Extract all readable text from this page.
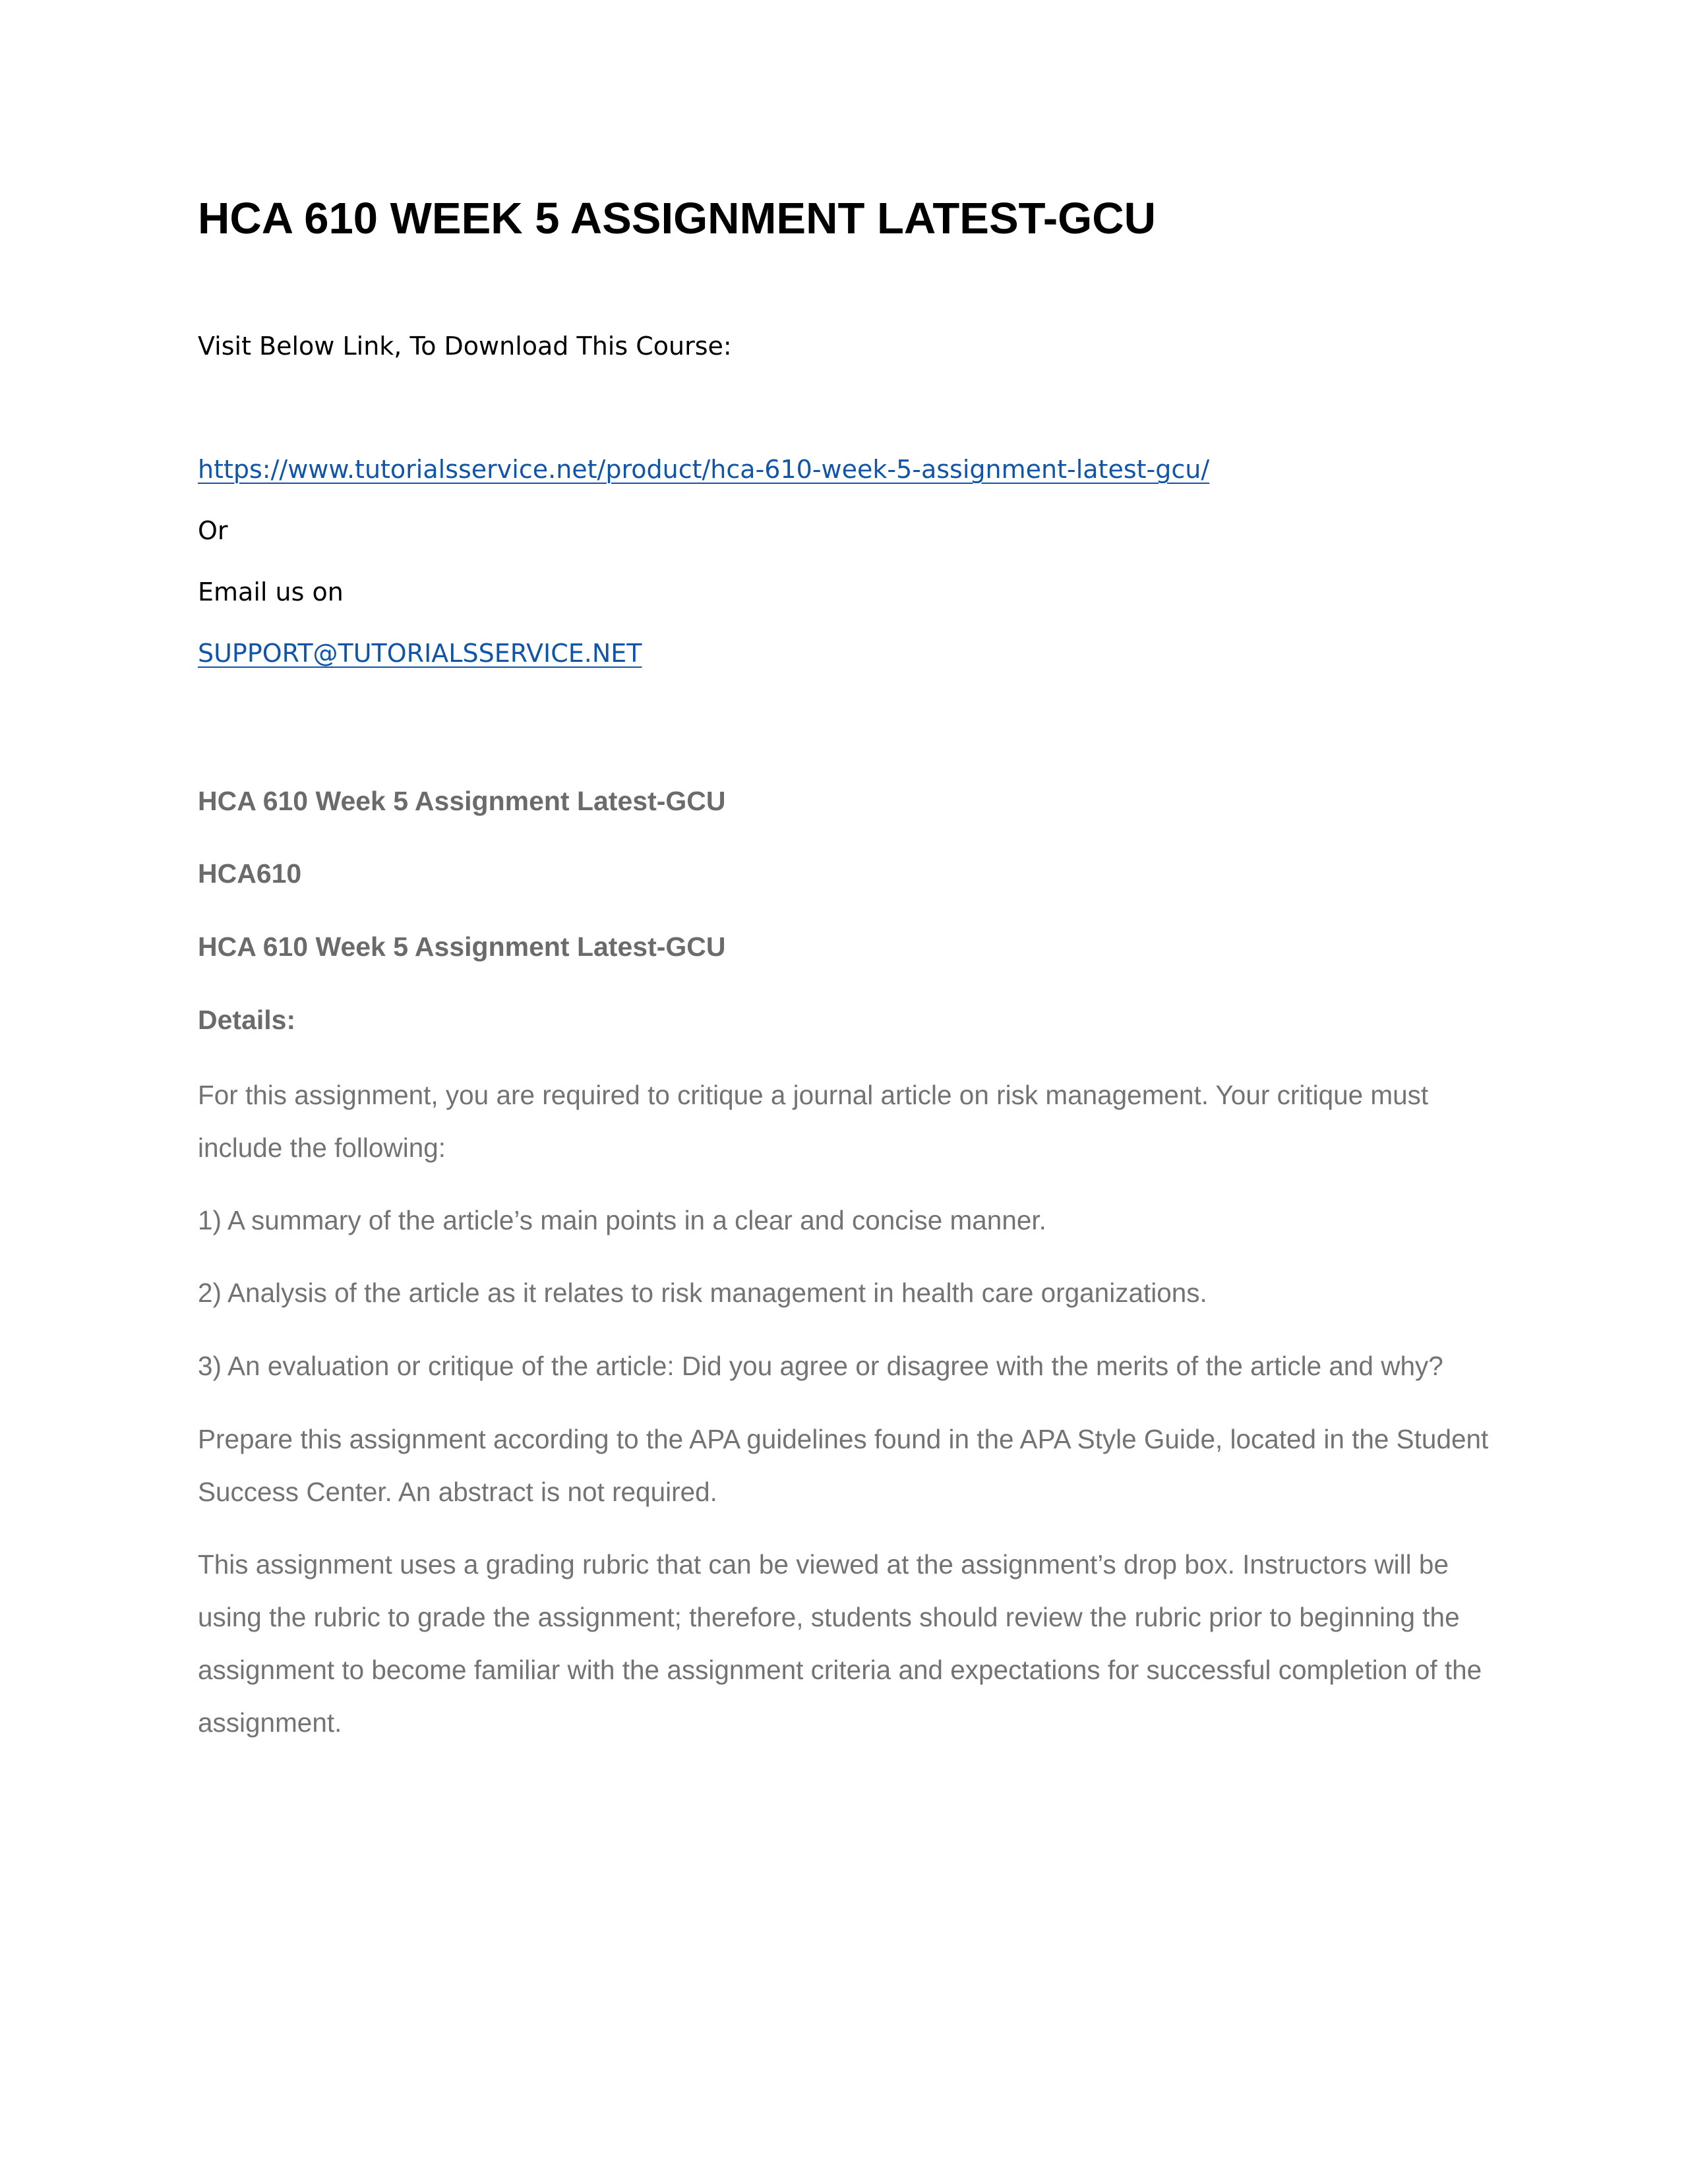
HCA 610 WEEK 5 ASSIGNMENT LATEST-GCU

Visit Below Link, To Download This Course:

https://www.tutorialsservice.net/product/hca-610-week-5-assignment-latest-gcu/

Or

Email us on

SUPPORT@TUTORIALSSERVICE.NET

HCA 610 Week 5 Assignment Latest-GCU

HCA610

HCA 610 Week 5 Assignment Latest-GCU

Details:

For this assignment, you are required to critique a journal article on risk management. Your critique must include the following:

1) A summary of the article’s main points in a clear and concise manner.

2) Analysis of the article as it relates to risk management in health care organizations.

3) An evaluation or critique of the article: Did you agree or disagree with the merits of the article and why?

Prepare this assignment according to the APA guidelines found in the APA Style Guide, located in the Student Success Center. An abstract is not required.

This assignment uses a grading rubric that can be viewed at the assignment’s drop box. Instructors will be using the rubric to grade the assignment; therefore, students should review the rubric prior to beginning the assignment to become familiar with the assignment criteria and expectations for successful completion of the assignment.
